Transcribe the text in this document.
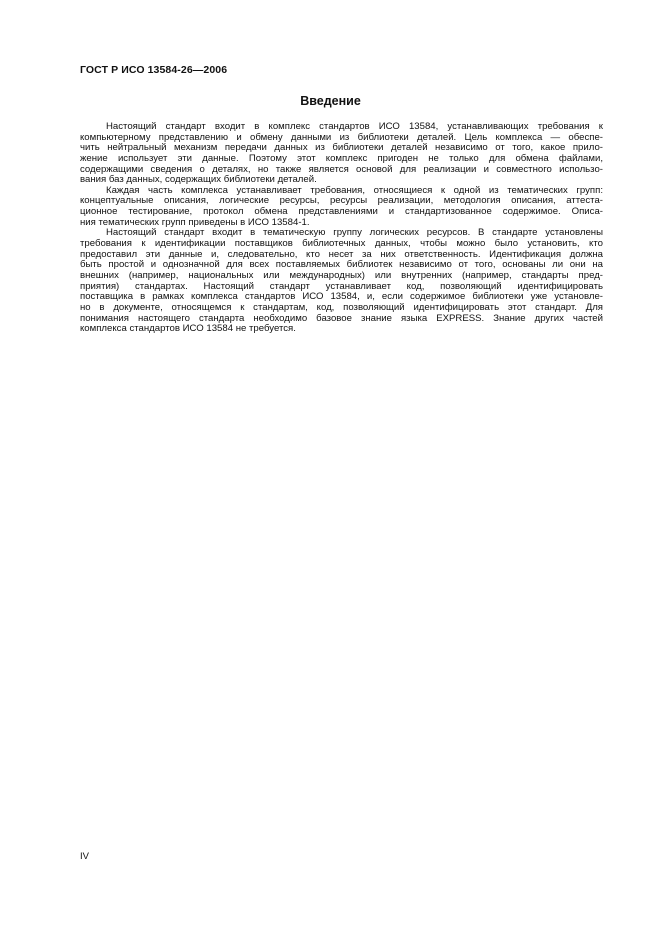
ГОСТ Р ИСО 13584-26—2006
Введение
Настоящий стандарт входит в комплекс стандартов ИСО 13584, устанавливающих требования к
компьютерному представлению и обмену данными из библиотеки деталей. Цель комплекса — обеспе-
чить нейтральный механизм передачи данных из библиотеки деталей независимо от того, какое прило-
жение использует эти данные. Поэтому этот комплекс пригоден не только для обмена файлами,
содержащими сведения о деталях, но также является основой для реализации и совместного использо-
вания баз данных, содержащих библиотеки деталей.
Каждая часть комплекса устанавливает требования, относящиеся к одной из тематических групп:
концептуальные описания, логические ресурсы, ресурсы реализации, методология описания, аттеста-
ционное тестирование, протокол обмена представлениями и стандартизованное содержимое. Описа-
ния тематических групп приведены в ИСО 13584-1.
Настоящий стандарт входит в тематическую группу логических ресурсов. В стандарте установлены
требования к идентификации поставщиков библиотечных данных, чтобы можно было установить, кто
предоставил эти данные и, следовательно, кто несет за них ответственность. Идентификация должна
быть простой и однозначной для всех поставляемых библиотек независимо от того, основаны ли они на
внешних (например, национальных или международных) или внутренних (например, стандарты пред-
приятия) стандартах. Настоящий стандарт устанавливает код, позволяющий идентифицировать
поставщика в рамках комплекса стандартов ИСО 13584, и, если содержимое библиотеки уже установле-
но в документе, относящемся к стандартам, код, позволяющий идентифицировать этот стандарт. Для
понимания настоящего стандарта необходимо базовое знание языка EXPRESS. Знание других частей
комплекса стандартов ИСО 13584 не требуется.
IV
